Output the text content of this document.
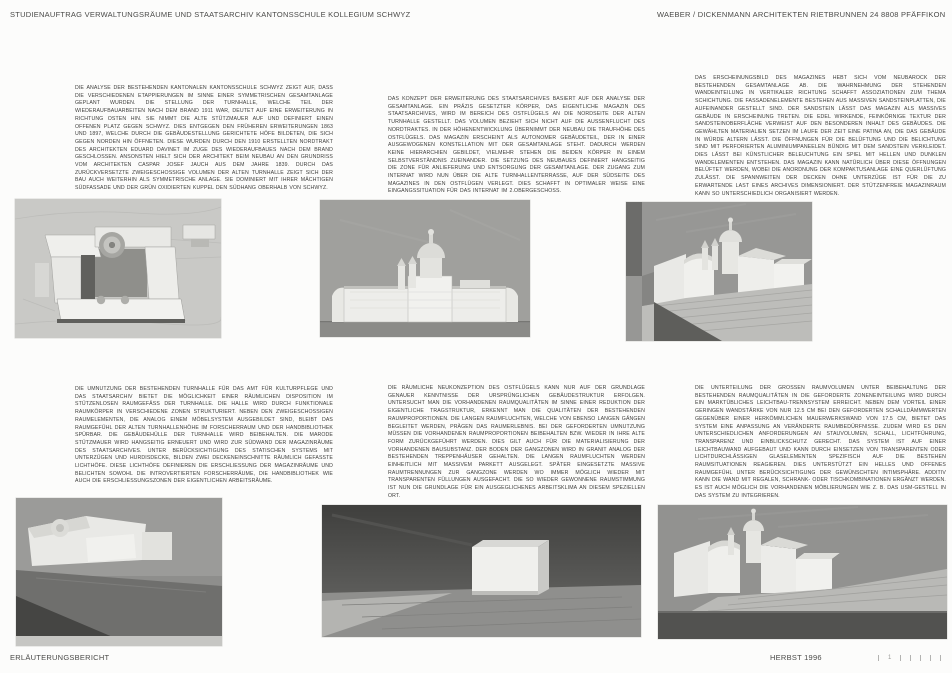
STUDIENAUFTRAG VERWALTUNGSRÄUME UND STAATSARCHIV KANTONSSCHULE KOLLEGIUM SCHWYZ	WAEBER / DICKENMANN ARCHITEKTEN RIETBRUNNEN 24 8808 PFÄFFIKON
DIE ANALYSE DER BESTEHENDEN KANTONALEN KANTONSSCHULE SCHWYZ ZEIGT AUF, DASS DIE VERSCHIEDENEN ETAPPIERUNGEN IM SINNE EINER SYMMETRISCHEN GESAMTANLAGE GEPLANT WURDEN. DIE STELLUNG DER TURNHALLE, WELCHE TEIL DER WIEDERAUFBAUARBEITEN NACH DEM BRAND 1911 WAR, DEUTET AUF EINE ERWEITERUNG IN RICHTUNG OSTEN HIN. SIE NIMMT DIE ALTE STÜTZMAUER AUF UND DEFINIERT EINEN OFFENEN PLATZ GEGEN SCHWYZ. DIES ENTGEGEN DEN FRÜHEREN ERWEITERUNGEN 1863 UND 1897, WELCHE DURCH DIE GEBÄUDESTELLUNG GERICHTETE HÖFE BILDETEN, DIE SICH GEGEN NORDEN HIN ÖFFNETEN. DIESE WURDEN DURCH DEN 1910 ERSTELLTEN NORDTRAKT DES ARCHITEKTEN EDUARD DAVINET IM ZUGE DES WIEDERAUFBAUES NACH DEM BRAND GESCHLOSSEN. ANSONSTEN HIELT SICH DER ARCHITEKT BEIM NEUBAU AN DEN GRUNDRISS VOM ARCHITEKTEN CASPAR JOSEF JAUCH AUS DEM JAHRE 1839. DURCH DAS ZURÜCKVERSETZTE ZWEIGESCHOSSIGE VOLUMEN DER ALTEN TURNHALLE ZEIGT SICH DER BAU AUCH WEITERHIN ALS SYMMETRISCHE ANLAGE. SIE DOMINIERT MIT IHRER MÄCHTIGEN SÜDFASSADE UND DER GRÜN OXIDIERTEN KUPPEL DEN SÜDHANG OBERHALB VON SCHWYZ.
DAS KONZEPT DER ERWEITERUNG DES STAATSARCHIVES BASIERT AUF DER ANALYSE DER GESAMTANLAGE. EIN PRÄZIS GESETZTER KÖRPER, DAS EIGENTLICHE MAGAZIN DES STAATSARCHIVES, WIRD IM BEREICH DES OSTFLÜGELS AN DIE NORDSEITE DER ALTEN TURNHALLE GESTELLT. DAS VOLUMEN BEZIEHT SICH NICHT AUF DIE AUSSENFLUCHT DES NORDTRAKTES. IN DER HÖHENENTWICKLUNG ÜBERNIMMT DER NEUBAU DIE TRAUFHÖHE DES OSTFLÜGELS. DAS MAGAZIN ERSCHEINT ALS AUTONOMER GEBÄUDETEIL, DER IN EINER AUSGEWOGENEN KONSTELLATION MIT DER GESAMTANLAGE STEHT. DADURCH WERDEN KEINE HIERARCHIEN GEBILDET, VIELMEHR STEHEN DIE BEIDEN KÖRPER IN EINEM SELBSTVERSTÄNDNIS ZUEINANDER. DIE SETZUNG DES NEUBAUES DEFINIERT HANGSEITIG DIE ZONE FÜR ANLIEFERUNG UND ENTSORGUNG DER GESAMTANLAGE. DER ZUGANG ZUM INTERNAT WIRD NUN ÜBER DIE ALTE TURNHALLENTERRASSE, AUF DER SÜDSEITE DES MAGAZINES IN DEN OSTFLÜGEN VERLEGT. DIES SCHAFFT IN OPTIMALER WEISE EINE EINGANGSSITUATION FÜR DAS INTERNAT IM 2.OBERGESCHOSS.
DAS ERSCHEINUNGSBILD DES MAGAZINES HEBT SICH VOM NEUBAROCK DER BESTEHENDEN GESAMTANLAGE AB. DIE WAHRNEHMUNG DER STEHENDEN WANDEINTEILUNG IN VERTIKALER RICHTUNG SCHAFFT ASSOZIATIONEN ZUM THEMA SCHICHTUNG. DIE FASSADENELEMENTE BESTEHEN AUS MASSIVEN SANDSTEINPLATTEN, DIE AUFEINANDER GESTELLT SIND. DER SANDSTEIN LÄSST DAS MAGAZIN ALS MASSIVES GEBÄUDE IN ERSCHEINUNG TRETEN. DIE EDEL WIRKENDE, FEINKÖRNIGE TEXTUR DER SANDSTEINOBERFLÄCHE VERWEIST AUF DEN BESONDEREN INHALT DES GEBÄUDES. DIE GEWÄHLTEN MATERIALIEN SETZEN IM LAUFE DER ZEIT EINE PATINA AN, DIE DAS GEBÄUDE IN WÜRDE ALTERN LÄSST. DIE ÖFFNUNGEN FÜR DIE BELÜFTUNG UND DIE BELICHTUNG SIND MIT PERFORIERTEN ALUMINIUMPANEELEN BÜNDIG MIT DEM SANDSTEIN VERKLEIDET. DIES LÄSST BEI KÜNSTLICHER BELEUCHTUNG EIN SPIEL MIT HELLEN UND DUNKLEN WANDELEMENTEN ENTSTEHEN. DAS MAGAZIN KANN NATÜRLICH ÜBER DIESE ÖFFNUNGEN BELÜFTET WERDEN, WOBEI DIE ANORDNUNG DER KOMPAKTUSANLAGE EINE QUERLÜFTUNG ZULÄSST. DIE SPANNWEITEN DER DECKEN OHNE UNTERZÜGE IST FÜR DIE ZU ERWARTENDE LAST EINES ARCHIVES DIMENSIONIERT. DER STÜTZENFREIE MAGAZINRAUM KANN SO UNTERSCHIEDLICH ORGANISIERT WERDEN.
DIE UMNUTZUNG DER BESTEHENDEN TURNHALLE FÜR DAS AMT FÜR KULTURPFLEGE UND DAS STAATSARCHIV BIETET DIE MÖGLICHKEIT EINER RÄUMLICHEN DISPOSITION IM STÜTZENLOSEN RAUMGEFÄSS DER TURNHALLE. DIE HALLE WIRD DURCH FUNKTIONALE RAUMKÖRPER IN VERSCHIEDENE ZONEN STRUKTURIERT. NEBEN DEN ZWEIGESCHOSSIGEN RAUMELEMENTEN, DIE ANALOG EINEM MÖBELSYSTEM AUSGEBILDET SIND, BLEIBT DAS RAUMGEFÜHL DER ALTEN TURNHALLENHÖHE IM FORSCHERRAUM UND DER HANDBIBLIOTHEK SPÜRBAR. DIE GEBÄUDEHÜLLE DER TURNHALLE WIRD BEIBEHALTEN. DIE MARODE STÜTZMAUER WIRD HANGSEITIG ERNEUERT UND WIRD ZUR SÜDWAND DER MAGAZINRÄUME DES STAATSARCHIVES. UNTER BERÜCKSICHTIGUNG DES STATISCHEN SYSTEMS MIT UNTERZÜGEN UND HURDISDECKE, BILDEN ZWEI DECKENEINSCHNITTE RÄUMLICH GEFASSTE LICHTHÖFE. DIESE LICHTHÖFE DEFINIEREN DIE ERSCHLIESSUNG DER MAGAZINRÄUME UND BELICHTEN SOWOHL DIE INTROVERTIERTEN FORSCHERRÄUME, DIE HANDBIBLIOTHEK WIE AUCH DIE ERSCHLIESSUNGSZONEN DER EIGENTLICHEN ARBEITSRÄUME.
DIE RÄUMLICHE NEUKONZEPTION DES OSTFLÜGELS KANN NUR AUF DER GRUNDLAGE GENAUER KENNTNISSE DER URSPRÜNGLICHEN GEBÄUDESTRUKTUR ERFOLGEN. UNTERSUCHT MAN DIE VORHANDENEN RAUMQUALITÄTEN IM SINNE EINER REDUKTION DER EIGENTLICHE TRAGSTRUKTUR, ERKENNT MAN DIE QUALITÄTEN DER BESTEHENDEN RAUMPROPORTIONEN. DIE LANGEN RAUMFLUCHTEN, WELCHE VON EBENSO LANGEN GÄNGEN BEGLEITET WERDEN, PRÄGEN DAS RAUMERLEBNIS. BEI DER GEFORDERTEN UMNUTZUNG MÜSSEN DIE VORHANDENEN RAUMPROPORTIONEN BEIBEHALTEN BZW. WIEDER IN IHRE ALTE FORM ZURÜCKGEFÜHRT WERDEN. DIES GILT AUCH FÜR DIE MATERIALISIERUNG DER VORHANDENEN BAUSUBSTANZ. DER BODEN DER GANGZONEN WIRD IN GRANIT ANALOG DER BESTEHENDEN TREPPENHÄUSER GEHALTEN. DIE LANGEN RAUMFLUCHTEN WERDEN EINHEITLICH MIT MASSIVEM PARKETT AUSGELEGT. SPÄTER EINGESETZTE MASSIVE RAUMTRENNUNGEN ZUR GANGZONE WERDEN WO IMMER MÖGLICH WIEDER MIT TRANSPARENTEN FÜLLUNGEN AUSGEFACHT. DIE SO WIEDER GEWONNENE RAUMSTIMMUNG IST NUN DIE GRUNDLAGE FÜR EIN AUSGEGLICHENES ARBEITSKLIMA AN DIESEM SPEZIELLEN ORT.
DIE UNTERTEILUNG DER GROSSEN RAUMVOLUMEN UNTER BEIBEHALTUNG DER BESTEHENDEN RAUMQUALITÄTEN IN DIE GEFORDERTE ZONENEINTEILUNG WIRD DURCH EIN MARKTÜBLICHES LEICHTBAU-TRENNSYSTEM ERREICHT. NEBEN DEM VORTEIL EINER GERINGEN WANDSTÄRKE VON NUR 12.5 CM BEI DEN GEFORDERTEN SCHALLDÄMMWERTEN GEGENÜBER EINER HERKÖMMLICHEN MAUERWERKSWAND VON 17.5 CM, BIETET DAS SYSTEM EINE ANPASSUNG AN VERÄNDERTE RAUMBEDÜRFNISSE. ZUDEM WIRD ES DEN UNTERSCHIEDLICHEN ANFORDERUNGEN AN STAUVOLUMEN, SCHALL, LICHTFÜHRUNG, TRANSPARENZ UND EINBLICKSCHUTZ GERECHT. DAS SYSTEM IST AUF EINER LEICHTBAUWAND AUFGEBAUT UND KANN DURCH EINSETZEN VON TRANSPARENTEN ODER LICHTDURCHLÄSSIGEN GLASELEMENTEN SPEZIFISCH AUF DIE BESTEHEN RAUMSITUATIONEN REAGIEREN. DIES UNTERSTÜTZT EIN HELLES UND OFFENES RAUMGEFÜHL UNTER BERÜCKSICHTIGUNG DER GEWÜNSCHTEN INTIMSPHÄRE. ADDITIV KANN DIE WAND MIT REGALEN, SCHRANK- ODER TISCHKOMBINATIONEN ERGÄNZT WERDEN. ES IST AUCH MÖGLICH DIE VORHANDENEN MÖBLIERUNGEN WIE Z. B. DAS USM-GESTELL IN DAS SYSTEM ZU INTEGRIEREN.
ERLÄUTERUNGSBERICHT	HERBST 1996	1
